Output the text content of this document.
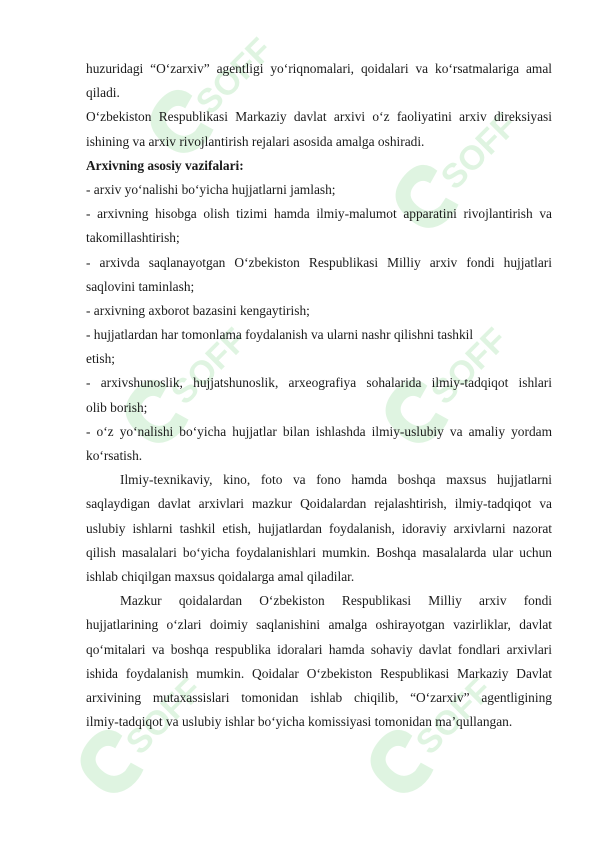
SOFF
SOFF
SOFF	SOFF
SOFF	SOFF
huzuridagi “O‘zarxiv” agentligi yo‘riqnomalari, qoidalari va ko‘rsatmalariga amal
qiladi.
O‘zbekiston Respublikasi Markaziy davlat arxivi o‘z faoliyatini arxiv direksiyasi
ishining va arxiv rivojlantirish rejalari asosida amalga oshiradi.
Arxivning asosiy vazifalari:
- arxiv yo‘nalishi bo‘yicha hujjatlarni jamlash;
- arxivning hisobga olish tizimi hamda ilmiy-malumot apparatini rivojlantirish va
takomillashtirish;
- arxivda saqlanayotgan O‘zbekiston Respublikasi Milliy arxiv fondi hujjatlari
saqlovini taminlash;
- arxivning axborot bazasini kengaytirish;
- hujjatlardan har tomonlama foydalanish va ularni nashr qilishni tashkil
etish;
- arxivshunoslik, hujjatshunoslik, arxeografiya sohalarida ilmiy-tadqiqot ishlari
olib borish;
- o‘z yo‘nalishi bo‘yicha hujjatlar bilan ishlashda ilmiy-uslubiy va amaliy yordam
ko‘rsatish.
Ilmiy-texnikaviy, kino, foto va fono hamda boshqa maxsus hujjatlarni
saqlaydigan davlat arxivlari mazkur Qoidalardan rejalashtirish, ilmiy-tadqiqot va
uslubiy ishlarni tashkil etish, hujjatlardan foydalanish, idoraviy arxivlarni nazorat
qilish masalalari bo‘yicha foydalanishlari mumkin. Boshqa masalalarda ular uchun
ishlab chiqilgan maxsus qoidalarga amal qiladilar.
Mazkur qoidalardan O‘zbekiston Respublikasi Milliy arxiv fondi
hujjatlarining o‘zlari doimiy saqlanishini amalga oshirayotgan vazirliklar, davlat
qo‘mitalari va boshqa respublika idoralari hamda sohaviy davlat fondlari arxivlari
ishida foydalanish mumkin. Qoidalar O‘zbekiston Respublikasi Markaziy Davlat
arxivining mutaxassislari tomonidan ishlab chiqilib, “O‘zarxiv” agentligining
ilmiy-tadqiqot va uslubiy ishlar bo‘yicha komissiyasi tomonidan ma’qullangan.
